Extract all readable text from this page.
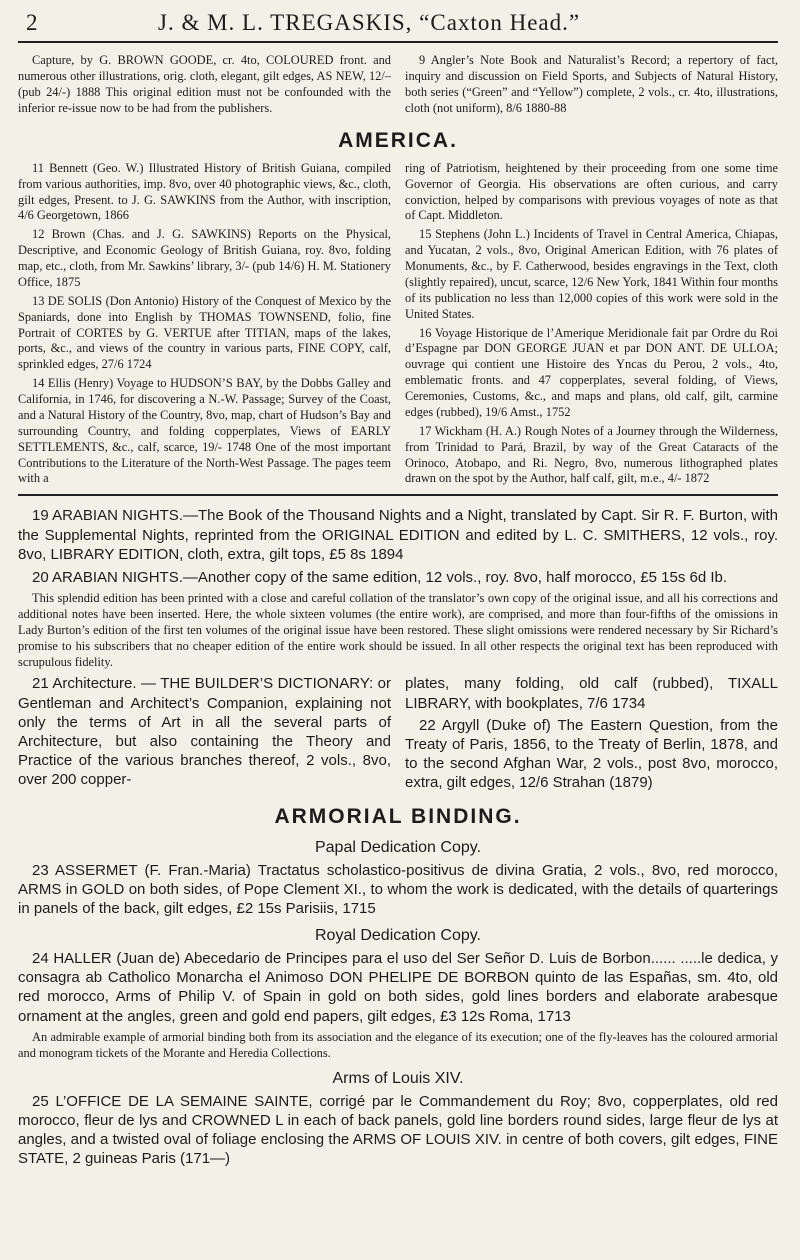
2	J. & M. L. TREGASKIS, “Caxton Head.”

Capture, by G. BROWN GOODE, cr. 4to, COLOURED front. and numerous other illustrations, orig. cloth, elegant, gilt edges, AS NEW, 12/– (pub 24/-) 1888 This original edition must not be confounded with the inferior re-issue now to be had from the publishers.

9 Angler’s Note Book and Naturalist’s Record; a repertory of fact, inquiry and discussion on Field Sports, and Subjects of Natural History, both series (“Green” and “Yellow”) complete, 2 vols., cr. 4to, illustrations, cloth (not uniform), 8/6 1880-88

AMERICA.

11 Bennett (Geo. W.) Illustrated History of British Guiana, compiled from various authorities, imp. 8vo, over 40 photographic views, &c., cloth, gilt edges, Present. to J. G. SAWKINS from the Author, with inscription, 4/6 Georgetown, 1866

12 Brown (Chas. and J. G. SAWKINS) Reports on the Physical, Descriptive, and Economic Geology of British Guiana, roy. 8vo, folding map, etc., cloth, from Mr. Sawkins’ library, 3/- (pub 14/6) H. M. Stationery Office, 1875

13 DE SOLIS (Don Antonio) History of the Conquest of Mexico by the Spaniards, done into English by THOMAS TOWNSEND, folio, fine Portrait of CORTES by G. VERTUE after TITIAN, maps of the lakes, ports, &c., and views of the country in various parts, FINE COPY, calf, sprinkled edges, 27/6 1724

14 Ellis (Henry) Voyage to HUDSON’S BAY, by the Dobbs Galley and California, in 1746, for discovering a N.-W. Passage; Survey of the Coast, and a Natural History of the Country, 8vo, map, chart of Hudson’s Bay and surrounding Country, and folding copperplates, Views of EARLY SETTLEMENTS, &c., calf, scarce, 19/- 1748 One of the most important Contributions to the Literature of the North-West Passage. The pages teem with a

ring of Patriotism, heightened by their proceeding from one some time Governor of Georgia. His observations are often curious, and carry conviction, helped by comparisons with previous voyages of note as that of Capt. Middleton.

15 Stephens (John L.) Incidents of Travel in Central America, Chiapas, and Yucatan, 2 vols., 8vo, Original American Edition, with 76 plates of Monuments, &c., by F. Catherwood, besides engravings in the Text, cloth (slightly repaired), uncut, scarce, 12/6 New York, 1841 Within four months of its publication no less than 12,000 copies of this work were sold in the United States.

16 Voyage Historique de l’Amerique Meridionale fait par Ordre du Roi d’Espagne par DON GEORGE JUAN et par DON ANT. DE ULLOA; ouvrage qui contient une Histoire des Yncas du Perou, 2 vols., 4to, emblematic fronts. and 47 copperplates, several folding, of Views, Ceremonies, Customs, &c., and maps and plans, old calf, gilt, carmine edges (rubbed), 19/6 Amst., 1752

17 Wickham (H. A.) Rough Notes of a Journey through the Wilderness, from Trinidad to Pará, Brazil, by way of the Great Cataracts of the Orinoco, Atobapo, and Ri. Negro, 8vo, numerous lithographed plates drawn on the spot by the Author, half calf, gilt, m.e., 4/- 1872

19 ARABIAN NIGHTS.—The Book of the Thousand Nights and a Night, translated by Capt. Sir R. F. Burton, with the Supplemental Nights, reprinted from the ORIGINAL EDITION and edited by L. C. SMITHERS, 12 vols., roy. 8vo, LIBRARY EDITION, cloth, extra, gilt tops, £5 8s 1894

20 ARABIAN NIGHTS.—Another copy of the same edition, 12 vols., roy. 8vo, half morocco, £5 15s 6d Ib.

This splendid edition has been printed with a close and careful collation of the translator’s own copy of the original issue, and all his corrections and additional notes have been inserted. Here, the whole sixteen volumes (the entire work), are comprised, and more than four-fifths of the omissions in Lady Burton’s edition of the first ten volumes of the original issue have been restored. These slight omissions were rendered necessary by Sir Richard’s promise to his subscribers that no cheaper edition of the entire work should be issued. In all other respects the original text has been reproduced with scrupulous fidelity.

21 Architecture. — THE BUILDER’S DICTIONARY: or Gentleman and Architect’s Companion, explaining not only the terms of Art in all the several parts of Architecture, but also containing the Theory and Practice of the various branches thereof, 2 vols., 8vo, over 200 copper-

plates, many folding, old calf (rubbed), TIXALL LIBRARY, with bookplates, 7/6 1734

22 Argyll (Duke of) The Eastern Question, from the Treaty of Paris, 1856, to the Treaty of Berlin, 1878, and to the second Afghan War, 2 vols., post 8vo, morocco, extra, gilt edges, 12/6 Strahan (1879)

ARMORIAL BINDING.
Papal Dedication Copy.

23 ASSERMET (F. Fran.-Maria) Tractatus scholastico-positivus de divina Gratia, 2 vols., 8vo, red morocco, ARMS in GOLD on both sides, of Pope Clement XI., to whom the work is dedicated, with the details of quarterings in panels of the back, gilt edges, £2 15s Parisiis, 1715

Royal Dedication Copy.

24 HALLER (Juan de) Abecedario de Principes para el uso del Ser Señor D. Luis de Borbon...... .....le dedica, y consagra ab Catholico Monarcha el Animoso DON PHELIPE DE BORBON quinto de las Españas, sm. 4to, old red morocco, Arms of Philip V. of Spain in gold on both sides, gold lines borders and elaborate arabesque ornament at the angles, green and gold end papers, gilt edges, £3 12s Roma, 1713

An admirable example of armorial binding both from its association and the elegance of its execution; one of the fly-leaves has the coloured armorial and monogram tickets of the Morante and Heredia Collections.

Arms of Louis XIV.

25 L’OFFICE DE LA SEMAINE SAINTE, corrigé par le Commandement du Roy; 8vo, copperplates, old red morocco, fleur de lys and CROWNED L in each of back panels, gold line borders round sides, large fleur de lys at angles, and a twisted oval of foliage enclosing the ARMS OF LOUIS XIV. in centre of both covers, gilt edges, FINE STATE, 2 guineas Paris (171—)
